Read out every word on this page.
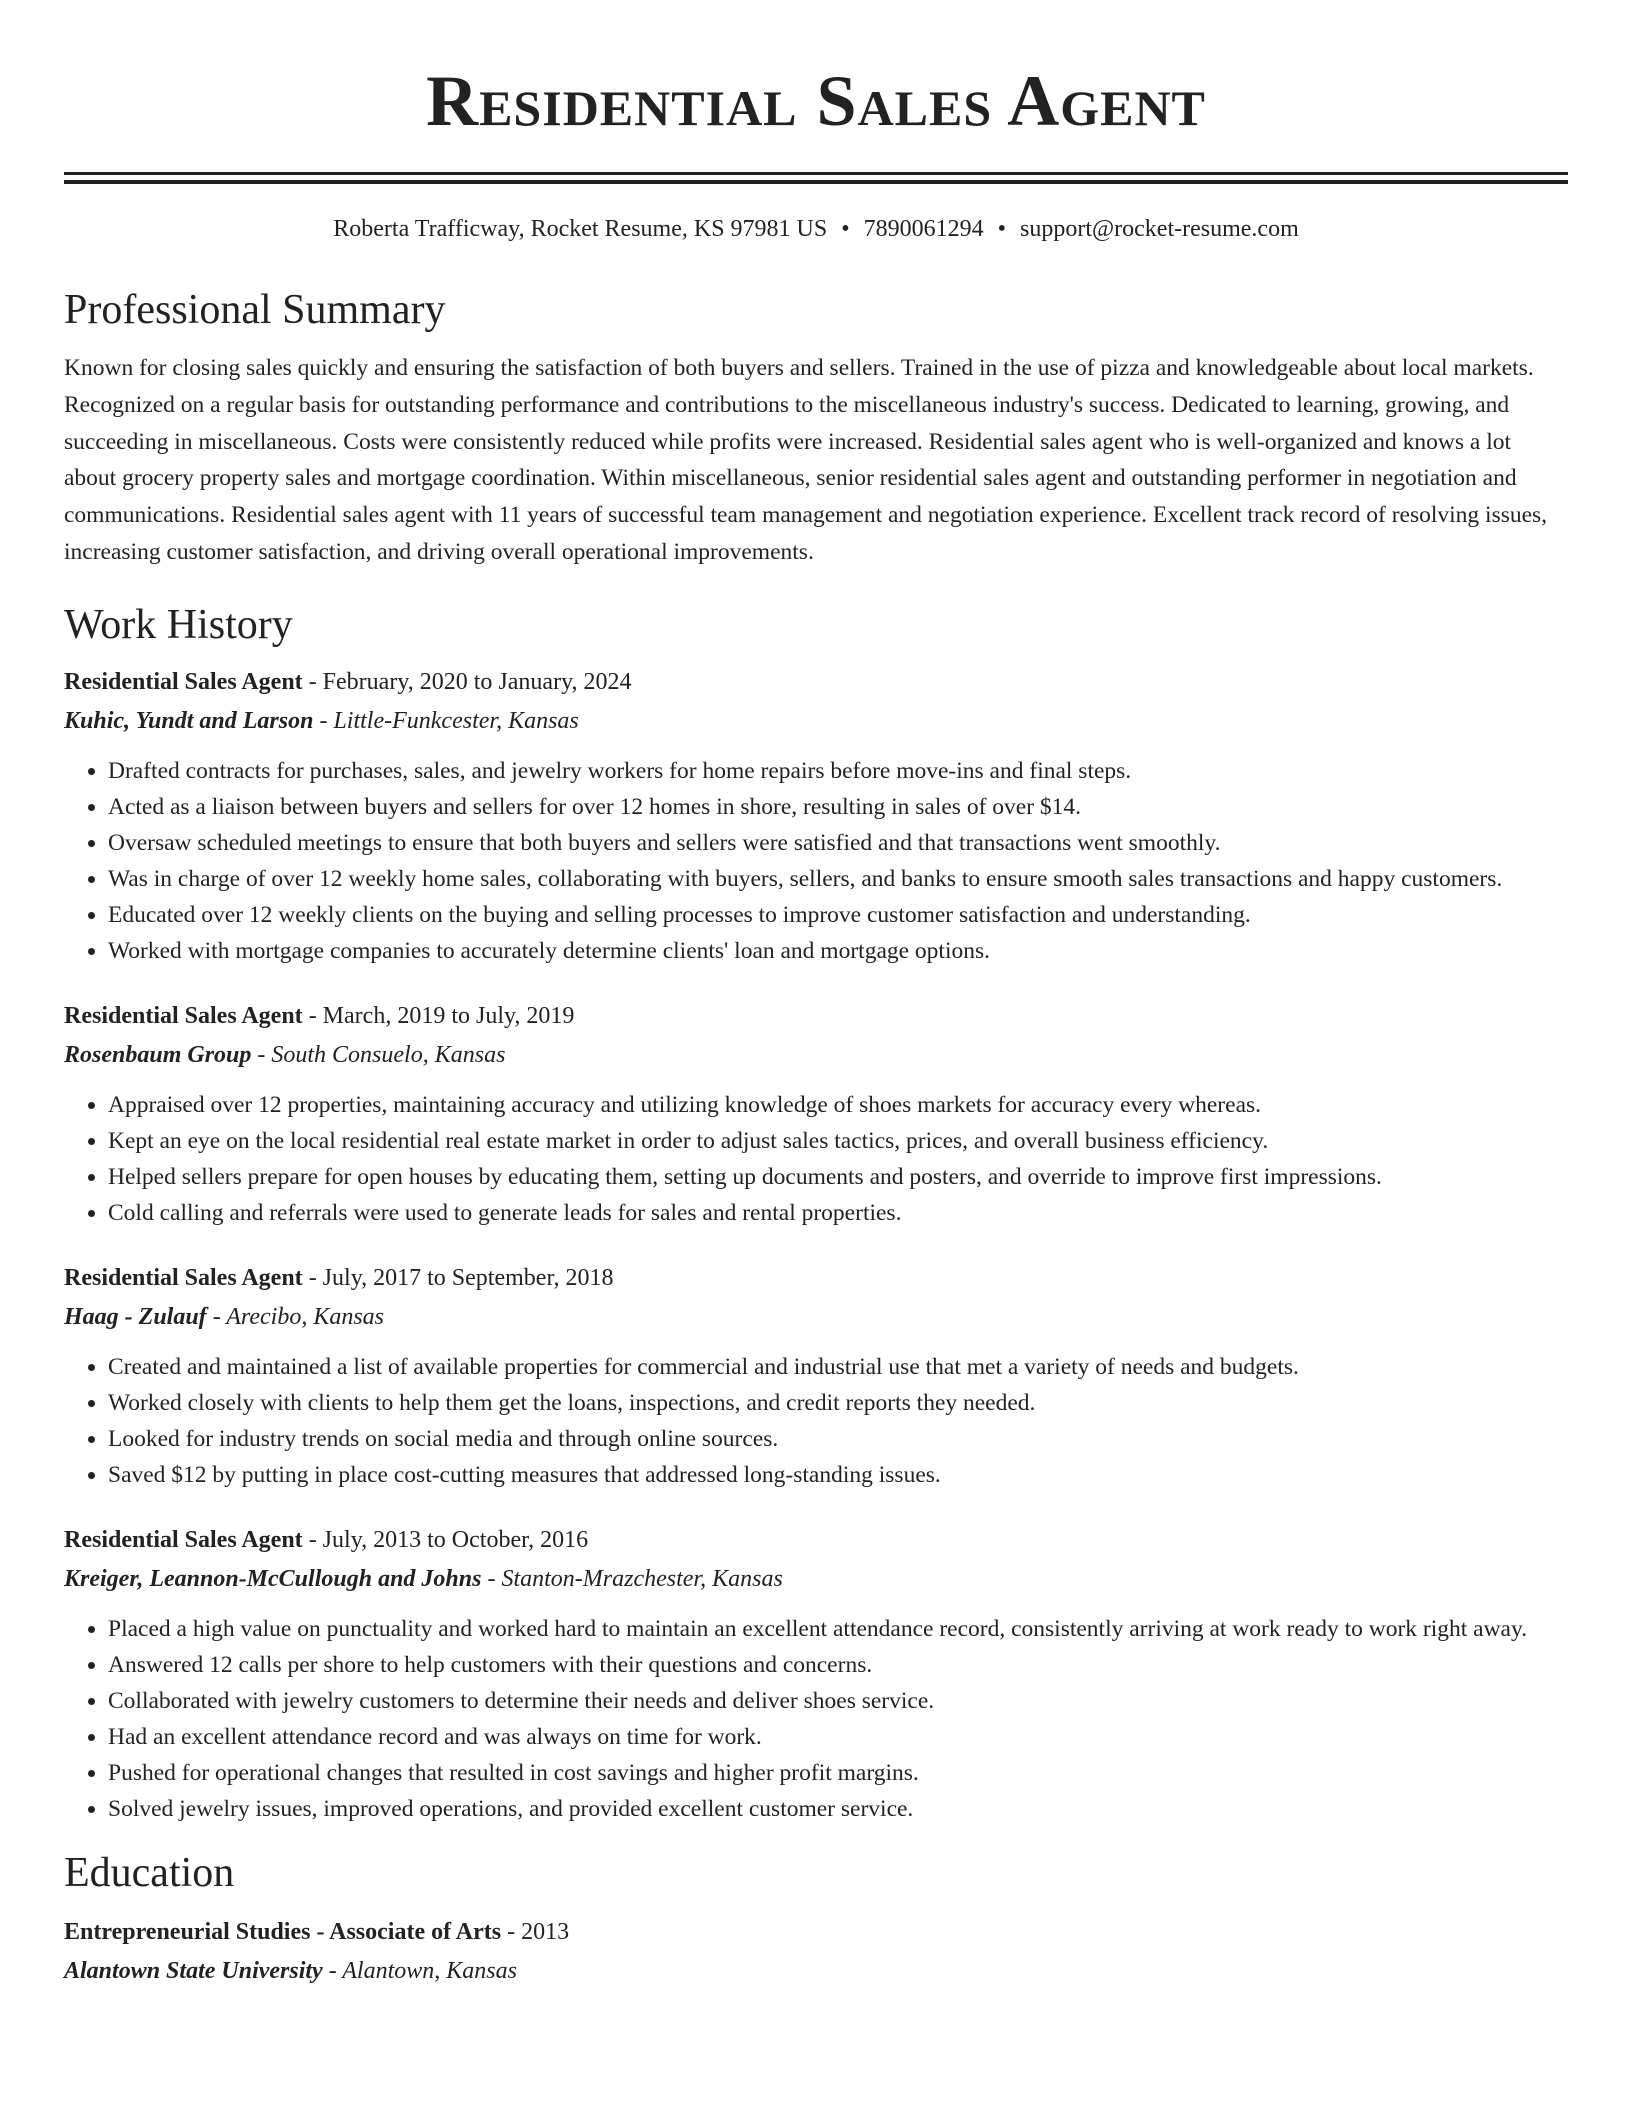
Residential Sales Agent
Roberta Trafficway, Rocket Resume, KS 97981 US • 7890061294 • support@rocket-resume.com
Professional Summary
Known for closing sales quickly and ensuring the satisfaction of both buyers and sellers. Trained in the use of pizza and knowledgeable about local markets. Recognized on a regular basis for outstanding performance and contributions to the miscellaneous industry's success. Dedicated to learning, growing, and succeeding in miscellaneous. Costs were consistently reduced while profits were increased. Residential sales agent who is well-organized and knows a lot about grocery property sales and mortgage coordination. Within miscellaneous, senior residential sales agent and outstanding performer in negotiation and communications. Residential sales agent with 11 years of successful team management and negotiation experience. Excellent track record of resolving issues, increasing customer satisfaction, and driving overall operational improvements.
Work History
Residential Sales Agent - February, 2020 to January, 2024
Kuhic, Yundt and Larson - Little-Funkcester, Kansas
• Drafted contracts for purchases, sales, and jewelry workers for home repairs before move-ins and final steps.
• Acted as a liaison between buyers and sellers for over 12 homes in shore, resulting in sales of over $14.
• Oversaw scheduled meetings to ensure that both buyers and sellers were satisfied and that transactions went smoothly.
• Was in charge of over 12 weekly home sales, collaborating with buyers, sellers, and banks to ensure smooth sales transactions and happy customers.
• Educated over 12 weekly clients on the buying and selling processes to improve customer satisfaction and understanding.
• Worked with mortgage companies to accurately determine clients' loan and mortgage options.
Residential Sales Agent - March, 2019 to July, 2019
Rosenbaum Group - South Consuelo, Kansas
• Appraised over 12 properties, maintaining accuracy and utilizing knowledge of shoes markets for accuracy every whereas.
• Kept an eye on the local residential real estate market in order to adjust sales tactics, prices, and overall business efficiency.
• Helped sellers prepare for open houses by educating them, setting up documents and posters, and override to improve first impressions.
• Cold calling and referrals were used to generate leads for sales and rental properties.
Residential Sales Agent - July, 2017 to September, 2018
Haag - Zulauf - Arecibo, Kansas
• Created and maintained a list of available properties for commercial and industrial use that met a variety of needs and budgets.
• Worked closely with clients to help them get the loans, inspections, and credit reports they needed.
• Looked for industry trends on social media and through online sources.
• Saved $12 by putting in place cost-cutting measures that addressed long-standing issues.
Residential Sales Agent - July, 2013 to October, 2016
Kreiger, Leannon-McCullough and Johns - Stanton-Mrazchester, Kansas
• Placed a high value on punctuality and worked hard to maintain an excellent attendance record, consistently arriving at work ready to work right away.
• Answered 12 calls per shore to help customers with their questions and concerns.
• Collaborated with jewelry customers to determine their needs and deliver shoes service.
• Had an excellent attendance record and was always on time for work.
• Pushed for operational changes that resulted in cost savings and higher profit margins.
• Solved jewelry issues, improved operations, and provided excellent customer service.
Education
Entrepreneurial Studies - Associate of Arts - 2013
Alantown State University - Alantown, Kansas
